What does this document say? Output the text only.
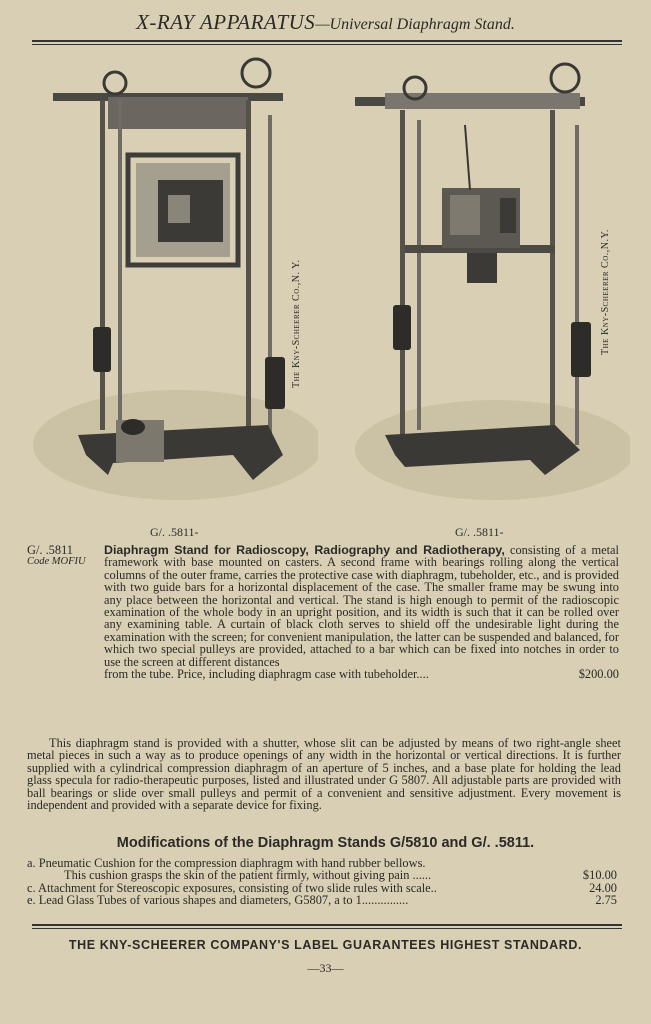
X-RAY APPARATUS—Universal Diaphragm Stand.
The Kny-Scheerer Co.,N. Y.	The Kny-Scheerer Co.,N.Y.
G/. .5811-	G/. .5811-
G/. .5811
Code MOFIU
Diaphragm Stand for Radioscopy, Radiography and Radiotherapy, consisting of a metal framework with base mounted on casters. A second frame with bearings rolling along the vertical columns of the outer frame, carries the protective case with diaphragm, tubeholder, etc., and is provided with two guide bars for a horizontal displacement of the case. The smaller frame may be swung into any place between the horizontal and vertical. The stand is high enough to permit of the radioscopic examination of the whole body in an upright position, and its width is such that it can be rolled over any examining table. A curtain of black cloth serves to shield off the undesirable light during the examination with the screen; for convenient manipulation, the latter can be suspended and balanced, for which two special pulleys are provided, attached to a bar which can be fixed into notches in order to use the screen at different distances
from the tube. Price, including diaphragm case with tubeholder....	$200.00
This diaphragm stand is provided with a shutter, whose slit can be adjusted by means of two right-angle sheet metal pieces in such a way as to produce openings of any width in the horizontal or vertical directions. It is further supplied with a cylindrical compression diaphragm of an aperture of 5 inches, and a base plate for holding the lead glass specula for radio-therapeutic purposes, listed and illustrated under G 5807. All adjustable parts are provided with ball bearings or slide over small pulleys and permit of a convenient and sensitive adjustment. Every movement is independent and provided with a separate device for fixing.
Modifications of the Diaphragm Stands G/5810 and G/. .5811.
a. Pneumatic Cushion for the compression diaphragm with hand rubber bellows.
This cushion grasps the skin of the patient firmly, without giving pain ......	$10.00
c. Attachment for Stereoscopic exposures, consisting of two slide rules with scale..	24.00
e. Lead Glass Tubes of various shapes and diameters, G5807, a to 1...............	2.75
THE KNY-SCHEERER COMPANY'S LABEL GUARANTEES HIGHEST STANDARD.
—33—
